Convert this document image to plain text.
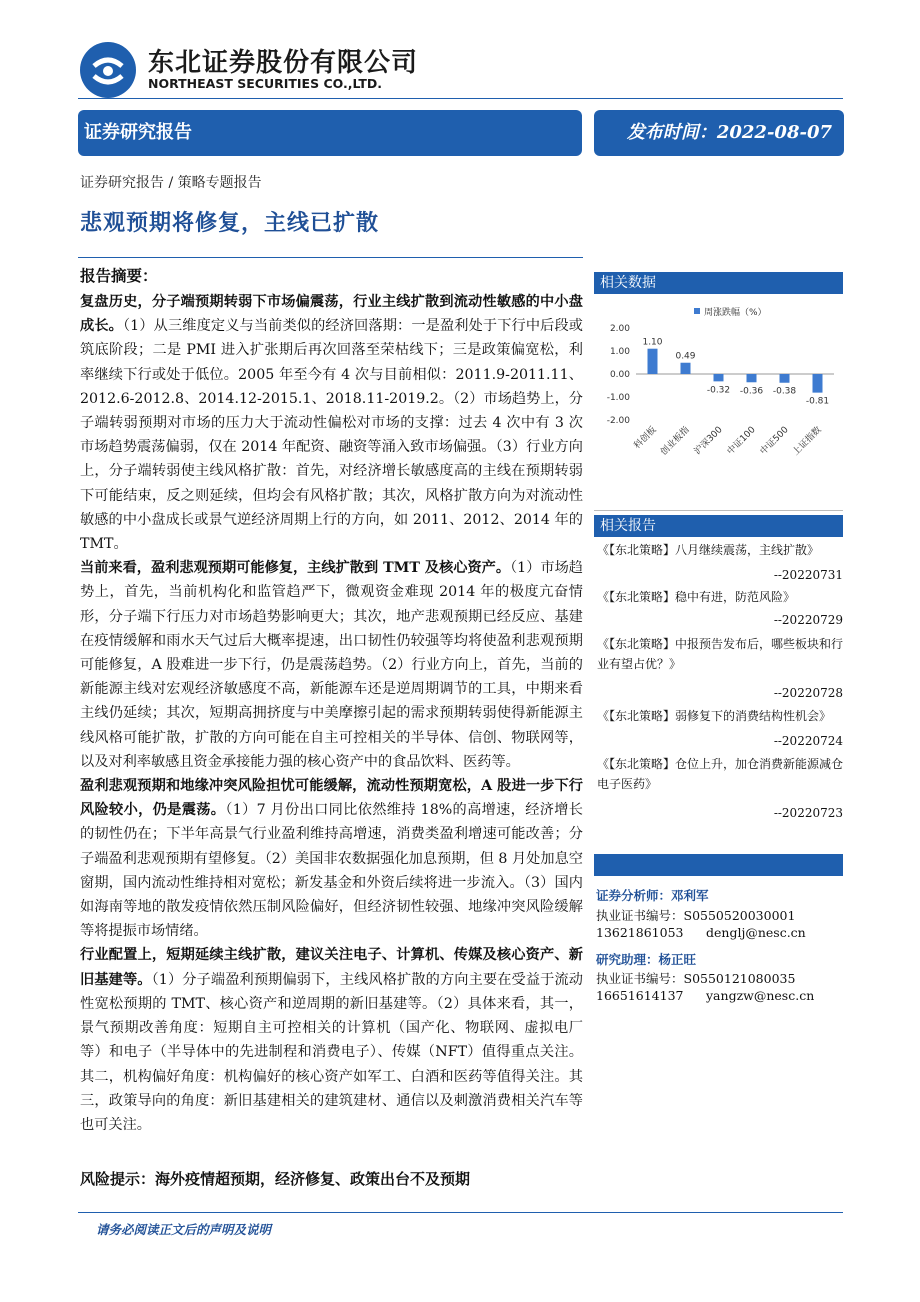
东北证券股份有限公司
NORTHEAST SECURITIES CO.,LTD.
证券研究报告	发布时间：2022-08-07
证券研究报告 / 策略专题报告
悲观预期将修复，主线已扩散
报告摘要：

复盘历史，分子端预期转弱下市场偏震荡，行业主线扩散到流动性敏感的中小盘成长。（1）从三维度定义与当前类似的经济回落期：一是盈利处于下行中后段或筑底阶段；二是 PMI 进入扩张期后再次回落至荣枯线下；三是政策偏宽松，利率继续下行或处于低位。2005 年至今有 4 次与目前相似：2011.9-2011.11、2012.6-2012.8、2014.12-2015.1、2018.11-2019.2。（2）市场趋势上，分子端转弱预期对市场的压力大于流动性偏松对市场的支撑：过去 4 次中有 3 次市场趋势震荡偏弱，仅在 2014 年配资、融资等涌入致市场偏强。（3）行业方向上，分子端转弱使主线风格扩散：首先，对经济增长敏感度高的主线在预期转弱下可能结束，反之则延续，但均会有风格扩散；其次，风格扩散方向为对流动性敏感的中小盘成长或景气逆经济周期上行的方向，如 2011、2012、2014 年的 TMT。

当前来看，盈利悲观预期可能修复，主线扩散到 TMT 及核心资产。（1）市场趋势上，首先，当前机构化和监管趋严下，微观资金难现 2014 年的极度亢奋情形，分子端下行压力对市场趋势影响更大；其次，地产悲观预期已经反应、基建在疫情缓解和雨水天气过后大概率提速，出口韧性仍较强等均将使盈利悲观预期可能修复，A 股难进一步下行，仍是震荡趋势。（2）行业方向上，首先，当前的新能源主线对宏观经济敏感度不高，新能源车还是逆周期调节的工具，中期来看主线仍延续；其次，短期高拥挤度与中美摩擦引起的需求预期转弱使得新能源主线风格可能扩散，扩散的方向可能在自主可控相关的半导体、信创、物联网等，以及对利率敏感且资金承接能力强的核心资产中的食品饮料、医药等。

盈利悲观预期和地缘冲突风险担忧可能缓解，流动性预期宽松，A 股进一步下行风险较小，仍是震荡。（1）7 月份出口同比依然维持 18%的高增速，经济增长的韧性仍在；下半年高景气行业盈利维持高增速，消费类盈利增速可能改善；分子端盈利悲观预期有望修复。（2）美国非农数据强化加息预期，但 8 月处加息空窗期，国内流动性维持相对宽松；新发基金和外资后续将进一步流入。（3）国内如海南等地的散发疫情依然压制风险偏好，但经济韧性较强、地缘冲突风险缓解等将提振市场情绪。

行业配置上，短期延续主线扩散，建议关注电子、计算机、传媒及核心资产、新旧基建等。（1）分子端盈利预期偏弱下，主线风格扩散的方向主要在受益于流动性宽松预期的 TMT、核心资产和逆周期的新旧基建等。（2）具体来看，其一，景气预期改善角度：短期自主可控相关的计算机（国产化、物联网、虚拟电厂等）和电子（半导体中的先进制程和消费电子）、传媒（NFT）值得重点关注。其二，机构偏好角度：机构偏好的核心资产如军工、白酒和医药等值得关注。其三，政策导向的角度：新旧基建相关的建筑建材、通信以及刺激消费相关汽车等也可关注。

风险提示：海外疫情超预期，经济修复、政策出台不及预期
相关数据
周涨跌幅（%）
2.00
1.00
0.00
-1.00
-2.00
1.10
0.49
-0.32 -0.36 -0.38
-0.81
科创板 创业板指 沪深300 中证100 中证500 上证指数
相关报告
《【东北策略】八月继续震荡，主线扩散》
--20220731
《【东北策略】稳中有进，防范风险》
--20220729
《【东北策略】中报预告发布后，哪些板块和行业有望占优？》
--20220728
《【东北策略】弱修复下的消费结构性机会》
--20220724
《【东北策略】仓位上升，加仓消费新能源减仓电子医药》
--20220723
证券分析师：邓利军
执业证书编号：S0550520030001
13621861053 denglj@nesc.cn
研究助理：杨正旺
执业证书编号：S0550121080035
16651614137 yangzw@nesc.cn
请务必阅读正文后的声明及说明
